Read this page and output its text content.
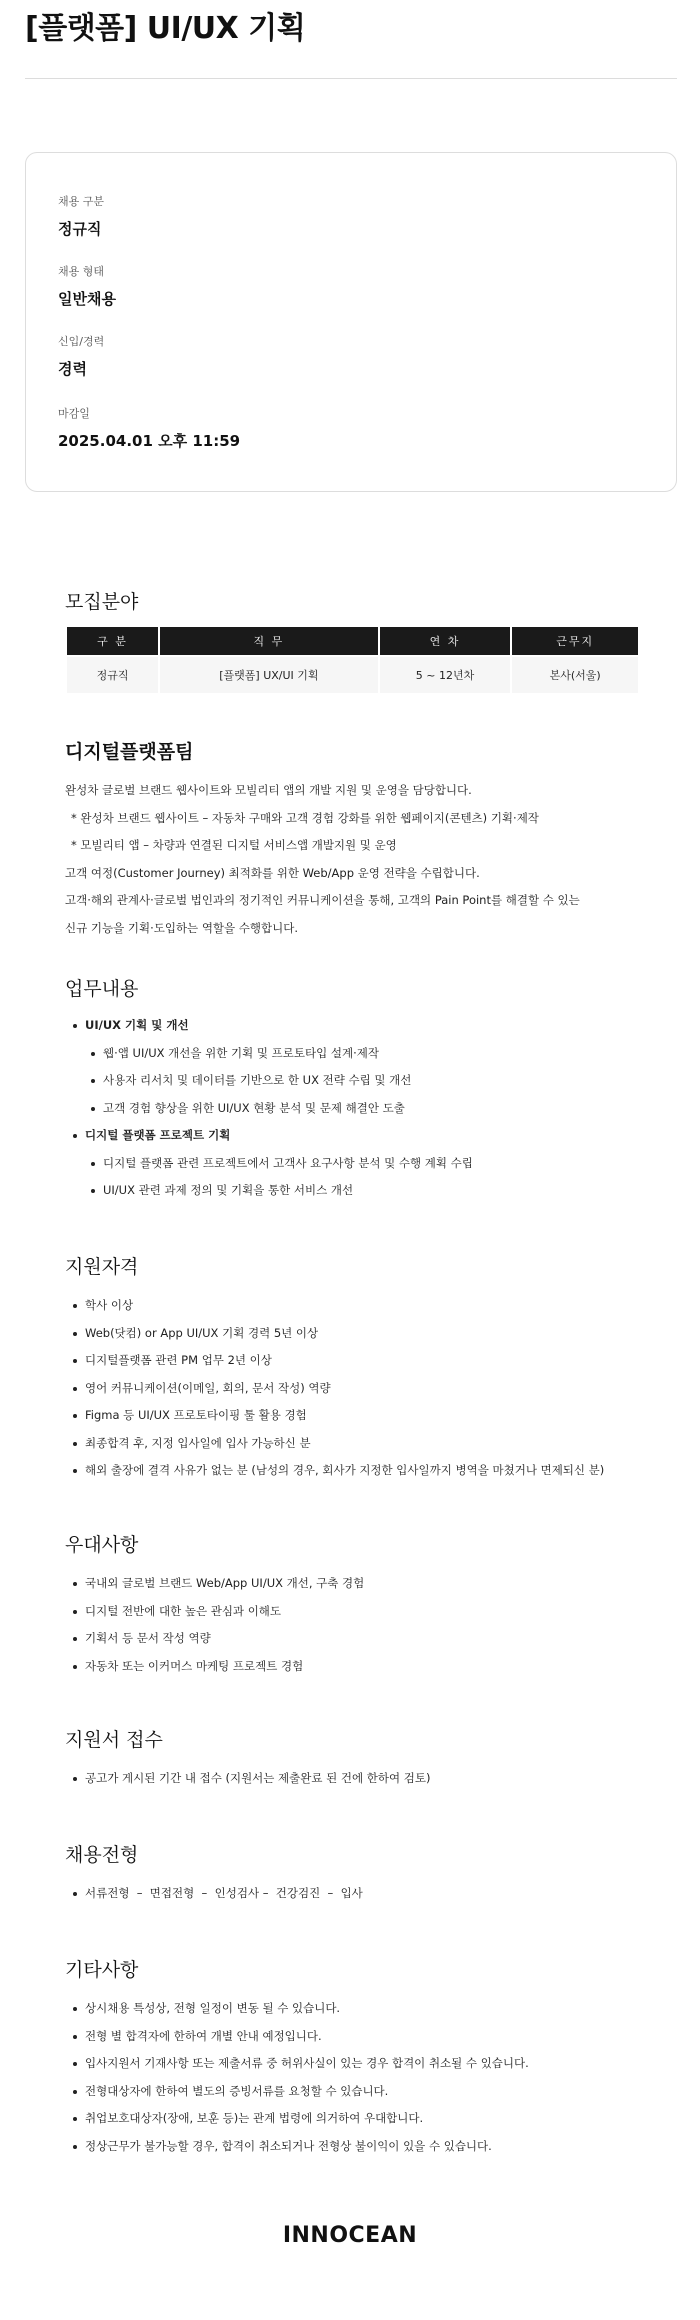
[플랫폼] UI/UX 기획
채용 구분
정규직
채용 형태
일반채용
신입/경력
경력
마감일
2025.04.01 오후 11:59
모집분야
구 분	직 무	연 차	근무지
정규직	[플랫폼] UX/UI 기획	5 ~ 12년차	본사(서울)
디지털플랫폼팀
완성차 글로벌 브랜드 웹사이트와 모빌리티 앱의 개발 지원 및 운영을 담당합니다.
* 완성차 브랜드 웹사이트 – 자동차 구매와 고객 경험 강화를 위한 웹페이지(콘텐츠) 기획·제작
* 모빌리티 앱 – 차량과 연결된 디지털 서비스앱 개발지원 및 운영
고객 여정(Customer Journey) 최적화를 위한 Web/App 운영 전략을 수립합니다.
고객·해외 관계사·글로벌 법인과의 정기적인 커뮤니케이션을 통해, 고객의 Pain Point를 해결할 수 있는
신규 기능을 기획·도입하는 역할을 수행합니다.
업무내용
UI/UX 기획 및 개선
웹·앱 UI/UX 개선을 위한 기획 및 프로토타입 설계·제작
사용자 리서치 및 데이터를 기반으로 한 UX 전략 수립 및 개선
고객 경험 향상을 위한 UI/UX 현황 분석 및 문제 해결안 도출
디지털 플랫폼 프로젝트 기획
디지털 플랫폼 관련 프로젝트에서 고객사 요구사항 분석 및 수행 계획 수립
UI/UX 관련 과제 정의 및 기획을 통한 서비스 개선
지원자격
학사 이상
Web(닷컴) or App UI/UX 기획 경력 5년 이상
디지털플랫폼 관련 PM 업무 2년 이상
영어 커뮤니케이션(이메일, 회의, 문서 작성) 역량
Figma 등 UI/UX 프로토타이핑 툴 활용 경험
최종합격 후, 지정 입사일에 입사 가능하신 분
해외 출장에 결격 사유가 없는 분 (남성의 경우, 회사가 지정한 입사일까지 병역을 마쳤거나 면제되신 분)
우대사항
국내외 글로벌 브랜드 Web/App UI/UX 개선, 구축 경험
디지털 전반에 대한 높은 관심과 이해도
기획서 등 문서 작성 역량
자동차 또는 이커머스 마케팅 프로젝트 경험
지원서 접수
공고가 게시된 기간 내 접수 (지원서는 제출완료 된 건에 한하여 검토)
채용전형
서류전형  –  면접전형  –  인성검사 –  건강검진  –  입사
기타사항
상시채용 특성상, 전형 일정이 변동 될 수 있습니다.
전형 별 합격자에 한하여 개별 안내 예정입니다.
입사지원서 기재사항 또는 제출서류 중 허위사실이 있는 경우 합격이 취소될 수 있습니다.
전형대상자에 한하여 별도의 증빙서류를 요청할 수 있습니다.
취업보호대상자(장애, 보훈 등)는 관계 법령에 의거하여 우대합니다.
정상근무가 불가능할 경우, 합격이 취소되거나 전형상 불이익이 있을 수 있습니다.
INNOCEAN
